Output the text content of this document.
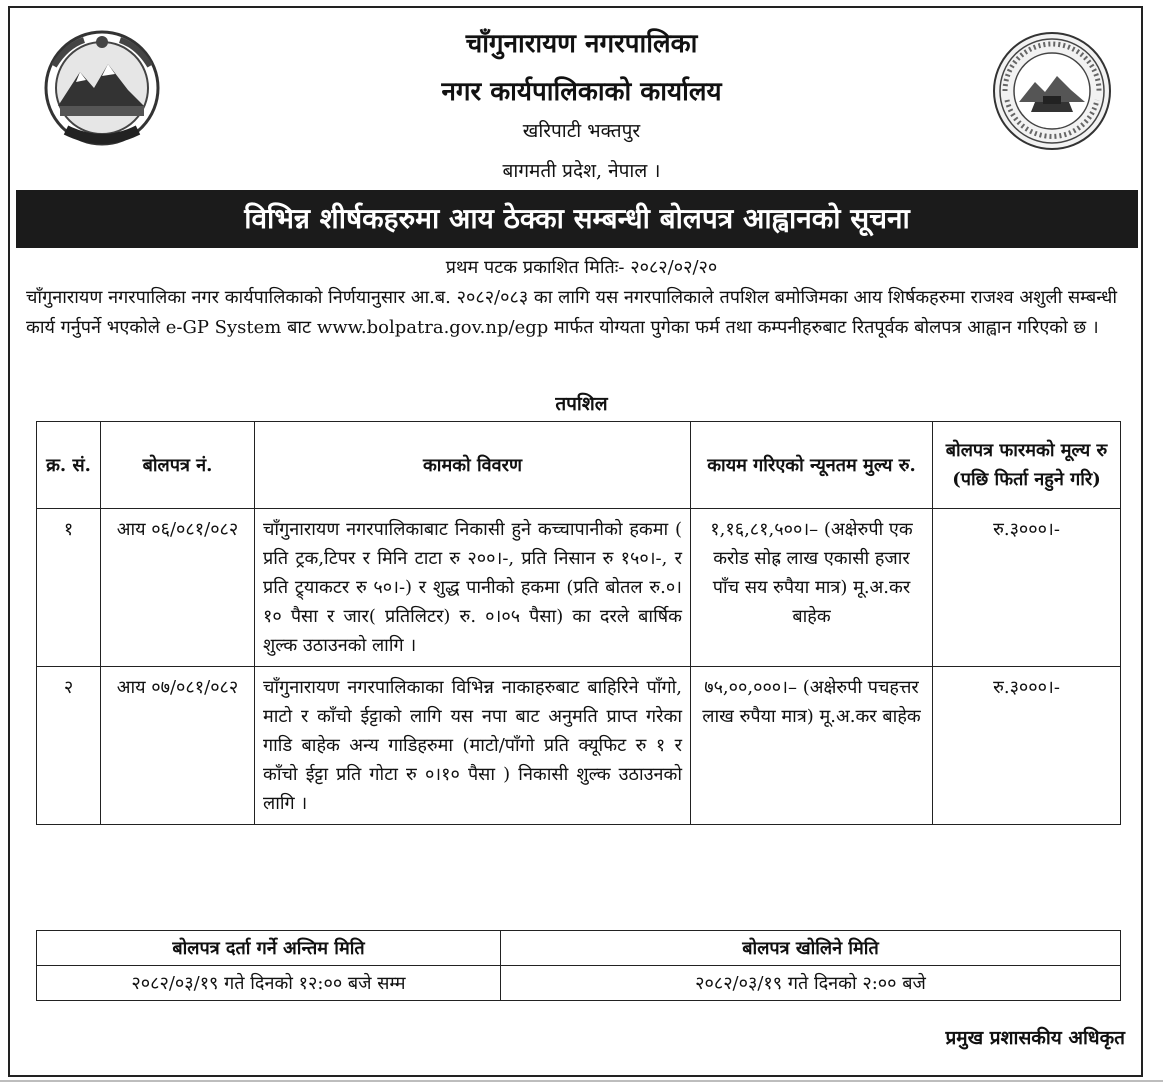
चाँगुनारायण नगरपालिका
नगर कार्यपालिकाको कार्यालय
खरिपाटी भक्तपुर
बागमती प्रदेश, नेपाल ।
विभिन्न शीर्षकहरुमा आय ठेक्का सम्बन्धी बोलपत्र आह्वानको सूचना
प्रथम पटक प्रकाशित मितिः- २०८२/०२/२०
चाँगुनारायण नगरपालिका नगर कार्यपालिकाको निर्णयानुसार आ.ब. २०८२/०८३ का लागि यस नगरपालिकाले तपशिल बमोजिमका आय शिर्षकहरुमा राजश्व अशुली सम्बन्धी कार्य गर्नुपर्ने भएकोले e-GP System बाट www.bolpatra.gov.np/egp मार्फत योग्यता पुगेका फर्म तथा कम्पनीहरुबाट रितपूर्वक बोलपत्र आह्वान गरिएको छ ।
तपशिल
क्र. सं.	बोलपत्र नं.	कामको विवरण	कायम गरिएको न्यूनतम मुल्य रु.	बोलपत्र फारमको मूल्य रु (पछि फिर्ता नहुने गरि)
१	आय ०६/०८१/०८२	चाँगुनारायण नगरपालिकाबाट निकासी हुने कच्चापानीको हकमा ( प्रति ट्रक,टिपर र मिनि टाटा रु २००।-, प्रति निसान रु १५०।-, र प्रति ट्र्याकटर रु ५०।-) र शुद्ध पानीको हकमा (प्रति बोतल रु.०।१० पैसा र जार( प्रतिलिटर) रु. ०।०५ पैसा) का दरले बार्षिक शुल्क उठाउनको लागि ।	१,१६,८१,५००।– (अक्षेरुपी एक करोड सोह्र लाख एकासी हजार पाँच सय रुपैया मात्र) मू.अ.कर बाहेक	रु.३०००।-
२	आय ०७/०८१/०८२	चाँगुनारायण नगरपालिकाका विभिन्न नाकाहरुबाट बाहिरिने पाँगो, माटो र काँचो ईट्टाको लागि यस नपा बाट अनुमति प्राप्त गरेका गाडि बाहेक अन्य गाडिहरुमा (माटो/पाँगो प्रति क्यूफिट रु १ र काँचो ईट्टा प्रति गोटा रु ०।१० पैसा ) निकासी शुल्क उठाउनको लागि ।	७५,००,०००।– (अक्षेरुपी पचहत्तर लाख रुपैया मात्र) मू.अ.कर बाहेक	रु.३०००।-
बोलपत्र दर्ता गर्ने अन्तिम मिति	बोलपत्र खोलिने मिति
२०८२/०३/१९ गते दिनको १२:०० बजे सम्म	२०८२/०३/१९ गते दिनको २:०० बजे
प्रमुख प्रशासकीय अधिकृत
